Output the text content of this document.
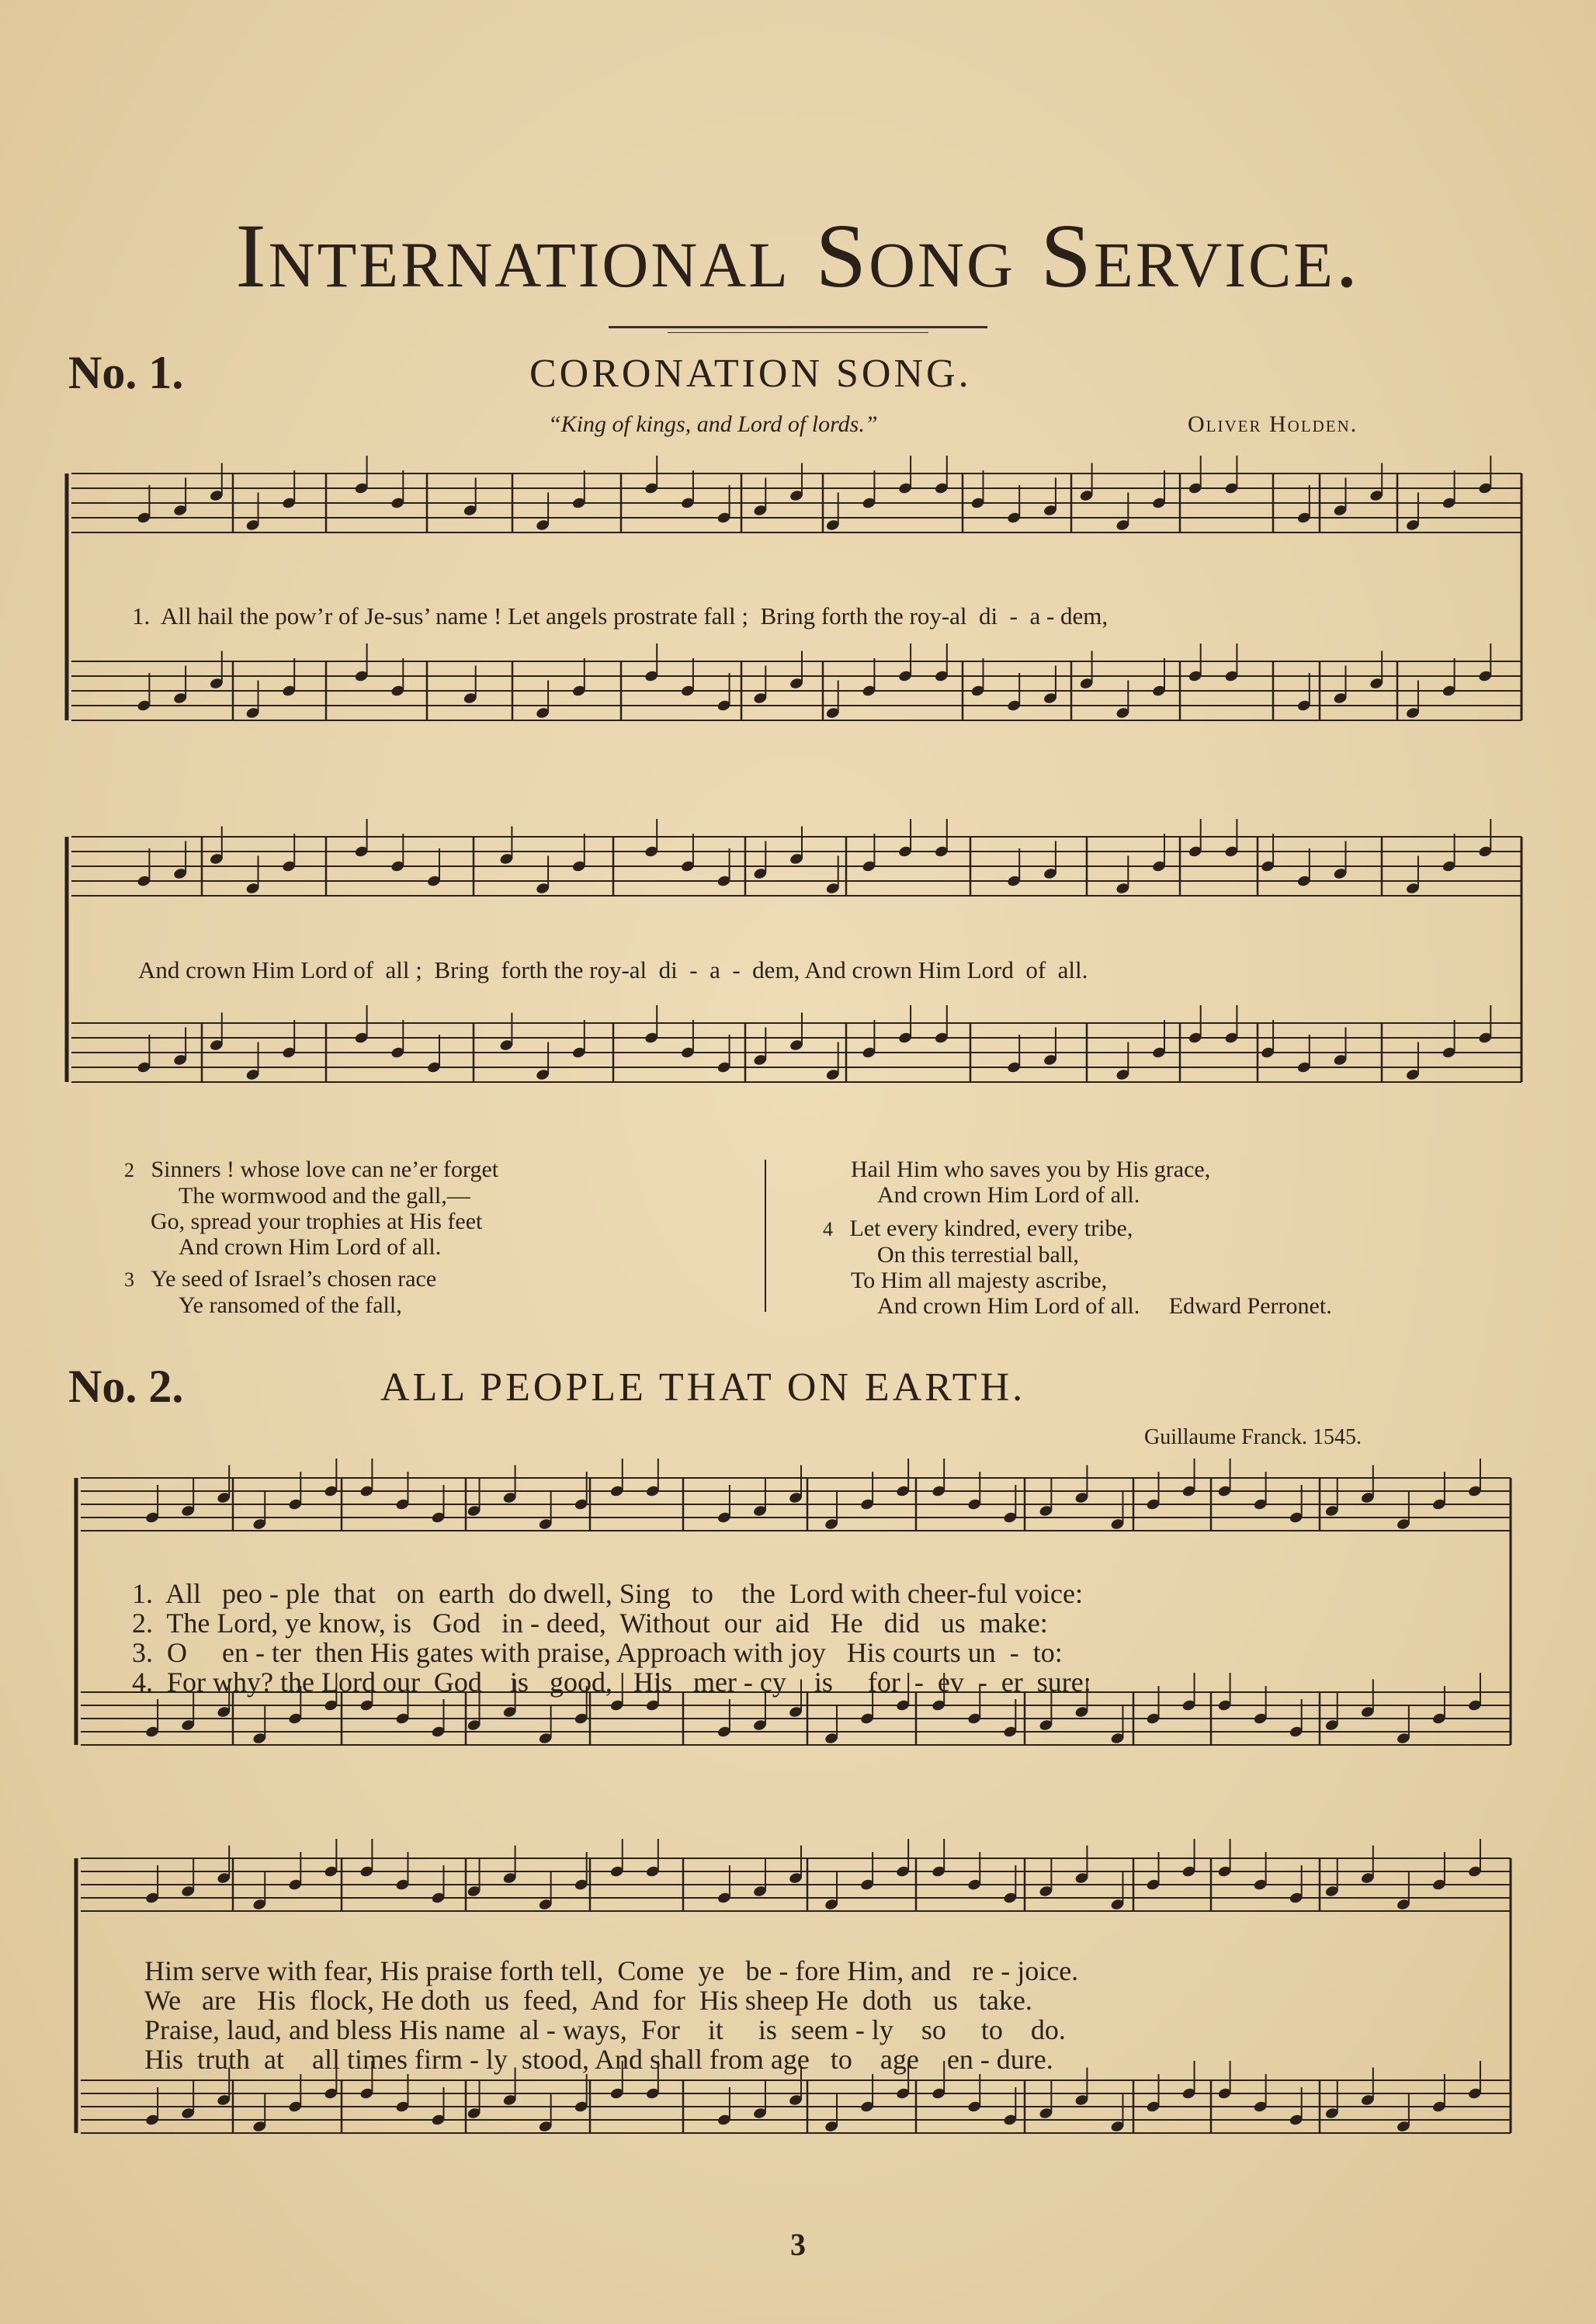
International Song Service.
No. 1.	CORONATION SONG.
“King of kings, and Lord of lords.”	Oliver Holden.
1.  All hail the pow’r of Je-sus’ name ! Let angels prostrate fall ;  Bring forth the roy-al  di  -  a - dem,
And crown Him Lord of  all ;  Bring  forth the roy-al  di  -  a  -  dem, And crown Him Lord  of  all.
2 Sinners ! whose love can ne’er forget
The wormwood and the gall,—
Go, spread your trophies at His feet
And crown Him Lord of all.
3 Ye seed of Israel’s chosen race
Ye ransomed of the fall,
Hail Him who saves you by His grace,
And crown Him Lord of all.
4 Let every kindred, every tribe,
On this terrestial ball,
To Him all majesty ascribe,
And crown Him Lord of all. Edward Perronet.
No. 2.	ALL PEOPLE THAT ON EARTH.
Guillaume Franck. 1545.
1.  All   peo - ple  that   on  earth  do dwell, Sing   to    the  Lord with cheer-ful voice:
2.  The Lord, ye know, is   God   in - deed,  Without  our  aid   He   did   us  make:
3.  O     en - ter  then His gates with praise, Approach with joy   His courts un  -  to:
4.  For why? the Lord our  God    is   good,   His   mer - cy    is     for  -  ev  -  er  sure:
Him serve with fear, His praise forth tell,  Come  ye   be - fore Him, and   re - joice.
We   are   His  flock, He doth  us  feed,  And  for  His sheep He  doth   us   take.
Praise, laud, and bless His name  al - ways,  For    it     is  seem - ly    so     to    do.
His  truth  at    all times firm - ly  stood, And shall from age   to    age    en - dure.
3
